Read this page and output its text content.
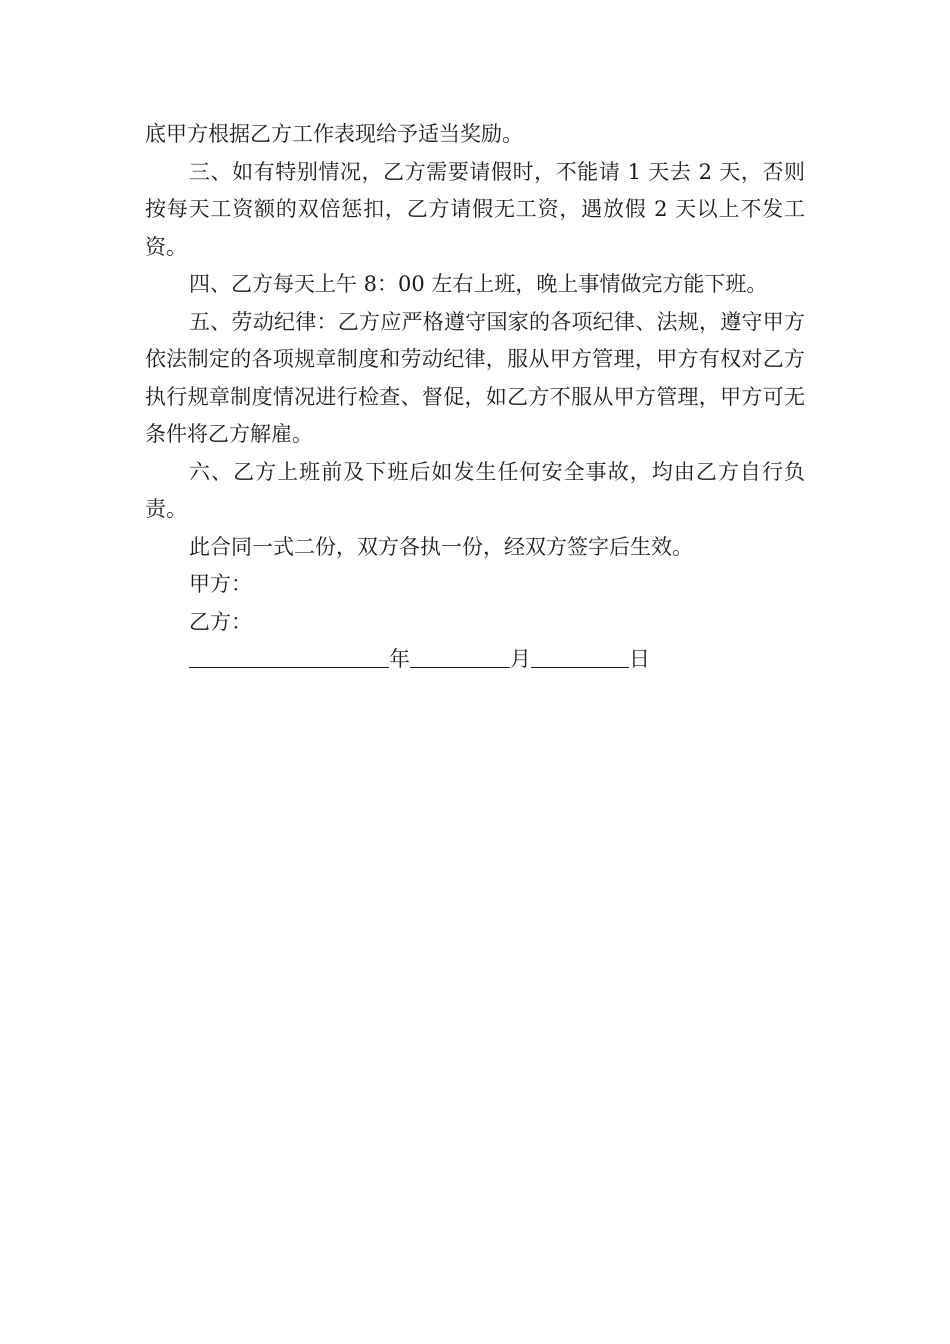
底甲方根据乙方工作表现给予适当奖励。

三、如有特别情况，乙方需要请假时，不能请 1 天去 2 天，否则按每天工资额的双倍惩扣，乙方请假无工资，遇放假 2 天以上不发工资。

四、乙方每天上午 8：00 左右上班，晚上事情做完方能下班。

五、劳动纪律：乙方应严格遵守国家的各项纪律、法规，遵守甲方依法制定的各项规章制度和劳动纪律，服从甲方管理，甲方有权对乙方执行规章制度情况进行检查、督促，如乙方不服从甲方管理，甲方可无条件将乙方解雇。

六、乙方上班前及下班后如发生任何安全事故，均由乙方自行负责。

此合同一式二份，双方各执一份，经双方签字后生效。

甲方：

乙方：

年	月	日
